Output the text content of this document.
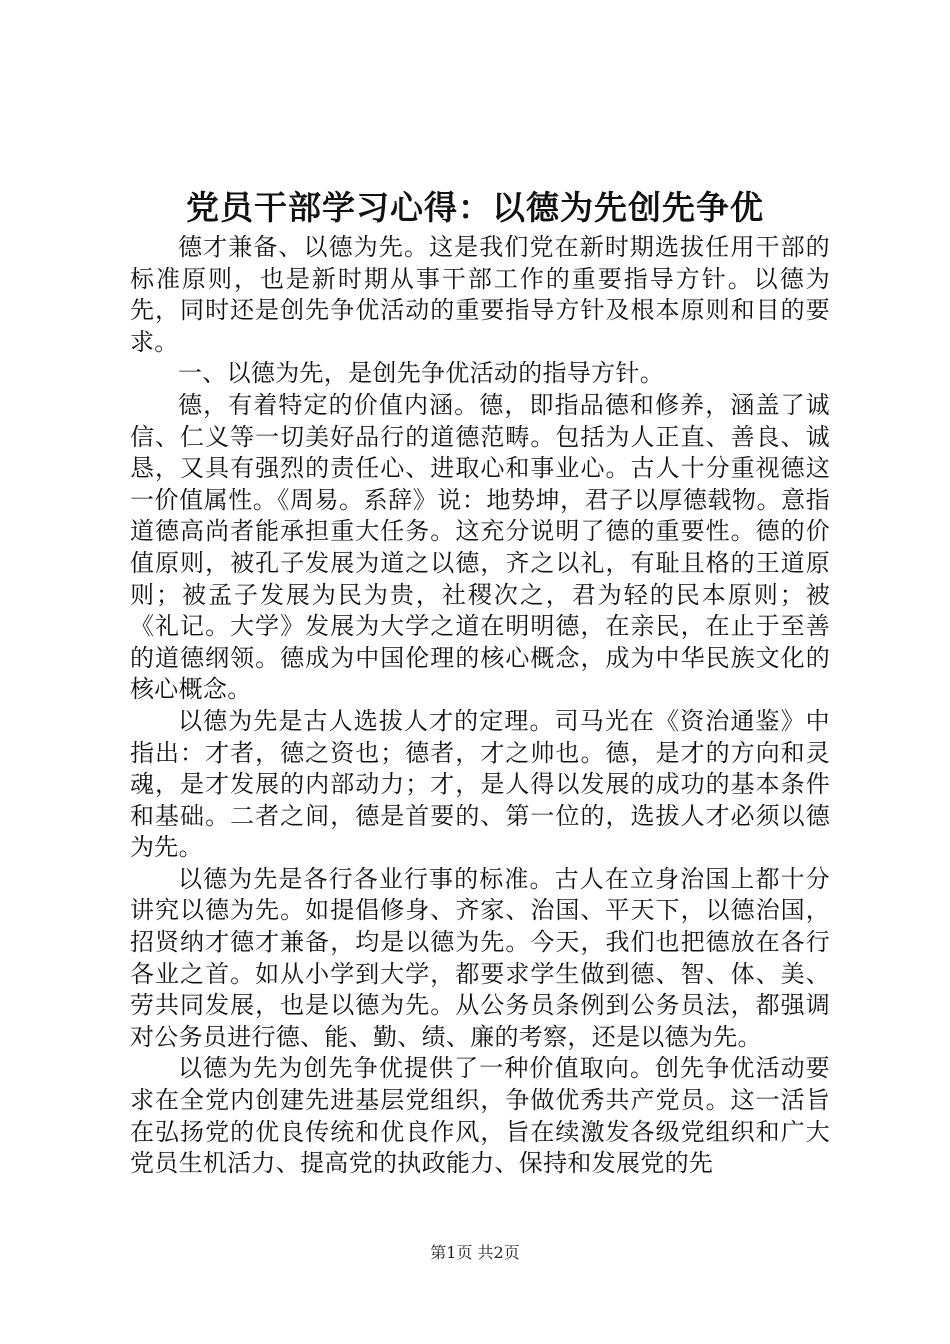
党员干部学习心得：以德为先创先争优

德才兼备、以德为先。这是我们党在新时期选拔任用干部的标准原则，也是新时期从事干部工作的重要指导方针。以德为先，同时还是创先争优活动的重要指导方针及根本原则和目的要求。

一、以德为先，是创先争优活动的指导方针。

德，有着特定的价值内涵。德，即指品德和修养，涵盖了诚信、仁义等一切美好品行的道德范畴。包括为人正直、善良、诚恳，又具有强烈的责任心、进取心和事业心。古人十分重视德这一价值属性。《周易。系辞》说：地势坤，君子以厚德载物。意指道德高尚者能承担重大任务。这充分说明了德的重要性。德的价值原则，被孔子发展为道之以德，齐之以礼，有耻且格的王道原则；被孟子发展为民为贵，社稷次之，君为轻的民本原则；被《礼记。大学》发展为大学之道在明明德，在亲民，在止于至善的道德纲领。德成为中国伦理的核心概念，成为中华民族文化的核心概念。

以德为先是古人选拔人才的定理。司马光在《资治通鉴》中指出：才者，德之资也；德者，才之帅也。德，是才的方向和灵魂，是才发展的内部动力；才，是人得以发展的成功的基本条件和基础。二者之间，德是首要的、第一位的，选拔人才必须以德为先。

以德为先是各行各业行事的标准。古人在立身治国上都十分讲究以德为先。如提倡修身、齐家、治国、平天下，以德治国，招贤纳才德才兼备，均是以德为先。今天，我们也把德放在各行各业之首。如从小学到大学，都要求学生做到德、智、体、美、劳共同发展，也是以德为先。从公务员条例到公务员法，都强调对公务员进行德、能、勤、绩、廉的考察，还是以德为先。

以德为先为创先争优提供了一种价值取向。创先争优活动要求在全党内创建先进基层党组织，争做优秀共产党员。这一活旨在弘扬党的优良传统和优良作风，旨在续激发各级党组织和广大党员生机活力、提高党的执政能力、保持和发展党的先

第1页 共2页
